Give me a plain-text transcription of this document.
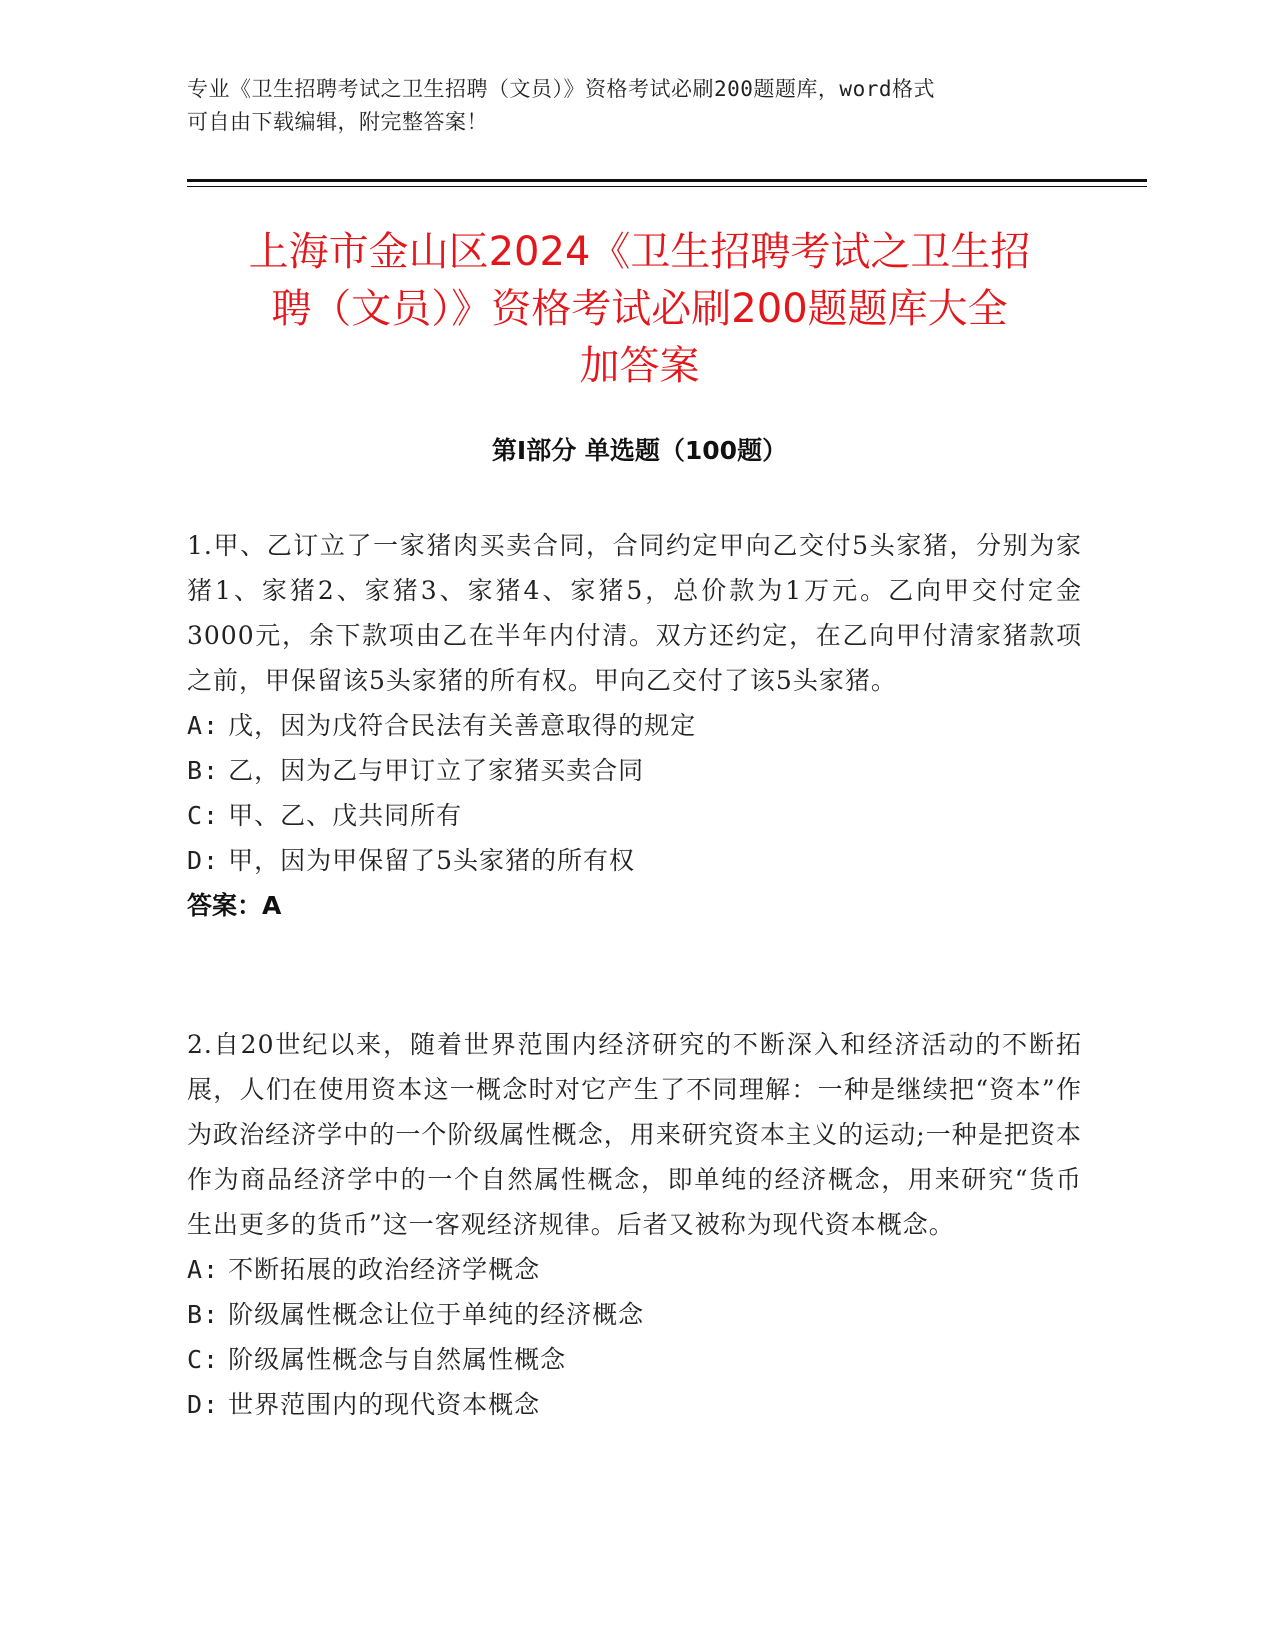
专业《卫生招聘考试之卫生招聘（文员）》资格考试必刷200题题库，word格式
可自由下载编辑，附完整答案！
上海市金山区2024《卫生招聘考试之卫生招
聘（文员）》资格考试必刷200题题库大全
加答案
第Ⅰ部分 单选题（100题）

1.甲、乙订立了一家猪肉买卖合同，合同约定甲向乙交付5头家猪，分别为家猪1、家猪2、家猪3、家猪4、家猪5，总价款为1万元。乙向甲交付定金3000元，余下款项由乙在半年内付清。双方还约定，在乙向甲付清家猪款项之前，甲保留该5头家猪的所有权。甲向乙交付了该5头家猪。

A: 戊，因为戊符合民法有关善意取得的规定

B: 乙，因为乙与甲订立了家猪买卖合同

C: 甲、乙、戊共同所有

D: 甲，因为甲保留了5头家猪的所有权

答案：A

2.自20世纪以来，随着世界范围内经济研究的不断深入和经济活动的不断拓展，人们在使用资本这一概念时对它产生了不同理解：一种是继续把“资本”作为政治经济学中的一个阶级属性概念，用来研究资本主义的运动;一种是把资本作为商品经济学中的一个自然属性概念，即单纯的经济概念，用来研究“货币生出更多的货币”这一客观经济规律。后者又被称为现代资本概念。

A: 不断拓展的政治经济学概念

B: 阶级属性概念让位于单纯的经济概念

C: 阶级属性概念与自然属性概念

D: 世界范围内的现代资本概念
